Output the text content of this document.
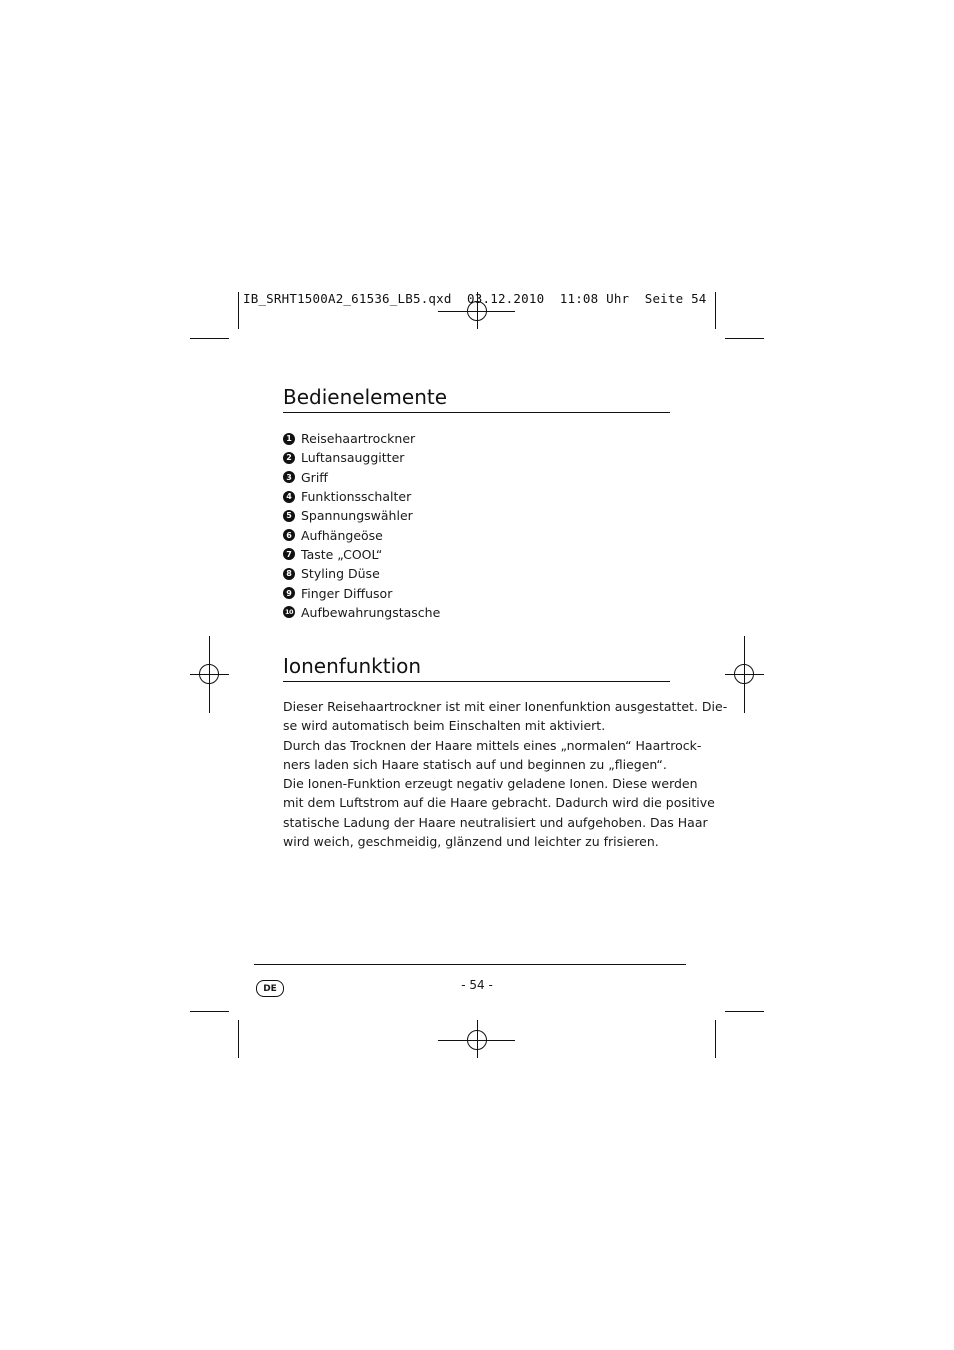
IB_SRHT1500A2_61536_LB5.qxd  03.12.2010  11:08 Uhr  Seite 54
Bedienelemente
1 Reisehaartrockner
2 Luftansauggitter
3 Griff
4 Funktionsschalter
5 Spannungswähler
6 Aufhängeöse
7 Taste „COOL“
8 Styling Düse
9 Finger Diffusor
10 Aufbewahrungstasche
Ionenfunktion

Dieser Reisehaartrockner ist mit einer Ionenfunktion ausgestattet. Die-
se wird automatisch beim Einschalten mit aktiviert.
Durch das Trocknen der Haare mittels eines „normalen“ Haartrock-
ners laden sich Haare statisch auf und beginnen zu „fliegen“.
Die Ionen-Funktion erzeugt negativ geladene Ionen. Diese werden
mit dem Luftstrom auf die Haare gebracht. Dadurch wird die positive
statische Ladung der Haare neutralisiert und aufgehoben. Das Haar
wird weich, geschmeidig, glänzend und leichter zu frisieren.

DE	- 54 -
